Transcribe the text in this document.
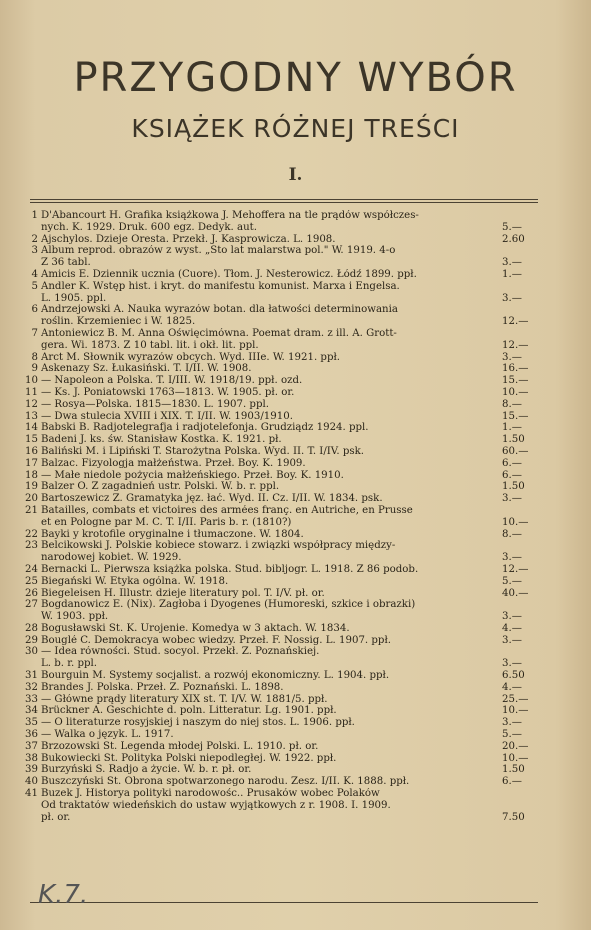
PRZYGODNY WYBÓR
KSIĄŻEK RÓŻNEJ TREŚCI
I.
1 D'Abancourt H. Grafika książkowa J. Mehoffera na tle prądów współczes-
nych. K. 1929. Druk. 600 egz. Dedyk. aut.	5.—
2 Ajschylos. Dzieje Oresta. Przekł. J. Kasprowicza. L. 1908.	2.60
3 Album reprod. obrazów z wyst. „Sto lat malarstwa pol." W. 1919. 4-o
Z 36 tabl.	3.—
4 Amicis E. Dziennik ucznia (Cuore). Tłom. J. Nesterowicz. Łódź 1899. ppł.	1.—
5 Andler K. Wstęp hist. i kryt. do manifestu komunist. Marxa i Engelsa.
L. 1905. ppl.	3.—
6 Andrzejowski A. Nauka wyrazów botan. dla łatwości determinowania
roślin. Krzemieniec i W. 1825.	12.—
7 Antoniewicz B. M. Anna Oświęcimówna. Poemat dram. z ill. A. Grott-
gera. Wi. 1873. Z 10 tabl. lit. i okł. lit. ppl.	12.—
8 Arct M. Słownik wyrazów obcych. Wyd. IIIe. W. 1921. ppł.	3.—
9 Askenazy Sz. Łukasiński. T. I/II. W. 1908.	16.—
10 — Napoleon a Polska. T. I/III. W. 1918/19. ppł. ozd.	15.—
11 — Ks. J. Poniatowski 1763—1813. W. 1905. pł. or.	10.—
12 — Rosya—Polska. 1815—1830. L. 1907. ppl.	8.—
13 — Dwa stulecia XVIII i XIX. T. I/II. W. 1903/1910.	15.—
14 Babski B. Radjotelegrafja i radjotelefonja. Grudziądz 1924. ppl.	1.—
15 Badeni J. ks. św. Stanisław Kostka. K. 1921. pł.	1.50
16 Baliński M. i Lipiński T. Starożytna Polska. Wyd. II. T. I/IV. psk.	60.—
17 Balzac. Fizyologja małżeństwa. Przeł. Boy. K. 1909.	6.—
18 — Małe niedole pożycia małżeńskiego. Przeł. Boy. K. 1910.	6.—
19 Balzer O. Z zagadnień ustr. Polski. W. b. r. ppl.	1.50
20 Bartoszewicz Z. Gramatyka jęz. łać. Wyd. II. Cz. I/II. W. 1834. psk.	3.—
21 Batailles, combats et victoires des armées franç. en Autriche, en Prusse
et en Pologne par M. C. T. I/II. Paris b. r. (1810?)	10.—
22 Bayki y krotofile oryginalne i tłumaczone. W. 1804.	8.—
23 Belcikowski J. Polskie kobiece stowarz. i związki współpracy między-
narodowej kobiet. W. 1929.	3.—
24 Bernacki L. Pierwsza książka polska. Stud. bibljogr. L. 1918. Z 86 podob.	12.—
25 Biegański W. Etyka ogólna. W. 1918.	5.—
26 Biegeleisen H. Illustr. dzieje literatury pol. T. I/V. pł. or.	40.—
27 Bogdanowicz E. (Nix). Zagłoba i Dyogenes (Humoreski, szkice i obrazki)
W. 1903. ppł.	3.—
28 Bogusławski St. K. Urojenie. Komedya w 3 aktach. W. 1834.	4.—
29 Bouglé C. Demokracya wobec wiedzy. Przeł. F. Nossig. L. 1907. ppł.	3.—
30 — Idea równości. Stud. socyol. Przekł. Z. Poznańskiej.
L. b. r. ppl.	3.—
31 Bourguin M. Systemy socjalist. a rozwój ekonomiczny. L. 1904. ppł.	6.50
32 Brandes J. Polska. Przeł. Z. Poznański. L. 1898.	4.—
33 — Główne prądy literatury XIX st. T. I/V. W. 1881/5. ppł.	25.—
34 Brückner A. Geschichte d. poln. Litteratur. Lg. 1901. ppł.	10.—
35 — O literaturze rosyjskiej i naszym do niej stos. L. 1906. ppł.	3.—
36 — Walka o język. L. 1917.	5.—
37 Brzozowski St. Legenda młodej Polski. L. 1910. pł. or.	20.—
38 Bukowiecki St. Polityka Polski niepodległej. W. 1922. ppł.	10.—
39 Burzyński S. Radjo a życie. W. b. r. pł. or.	1.50
40 Buszczyński St. Obrona spotwarzonego narodu. Zesz. I/II. K. 1888. ppł.	6.—
41 Buzek J. Historya polityki narodowośc.. Prusaków wobec Polaków
Od traktatów wiedeńskich do ustaw wyjątkowych z r. 1908. I. 1909.
pł. or.	7.50
K.7.
